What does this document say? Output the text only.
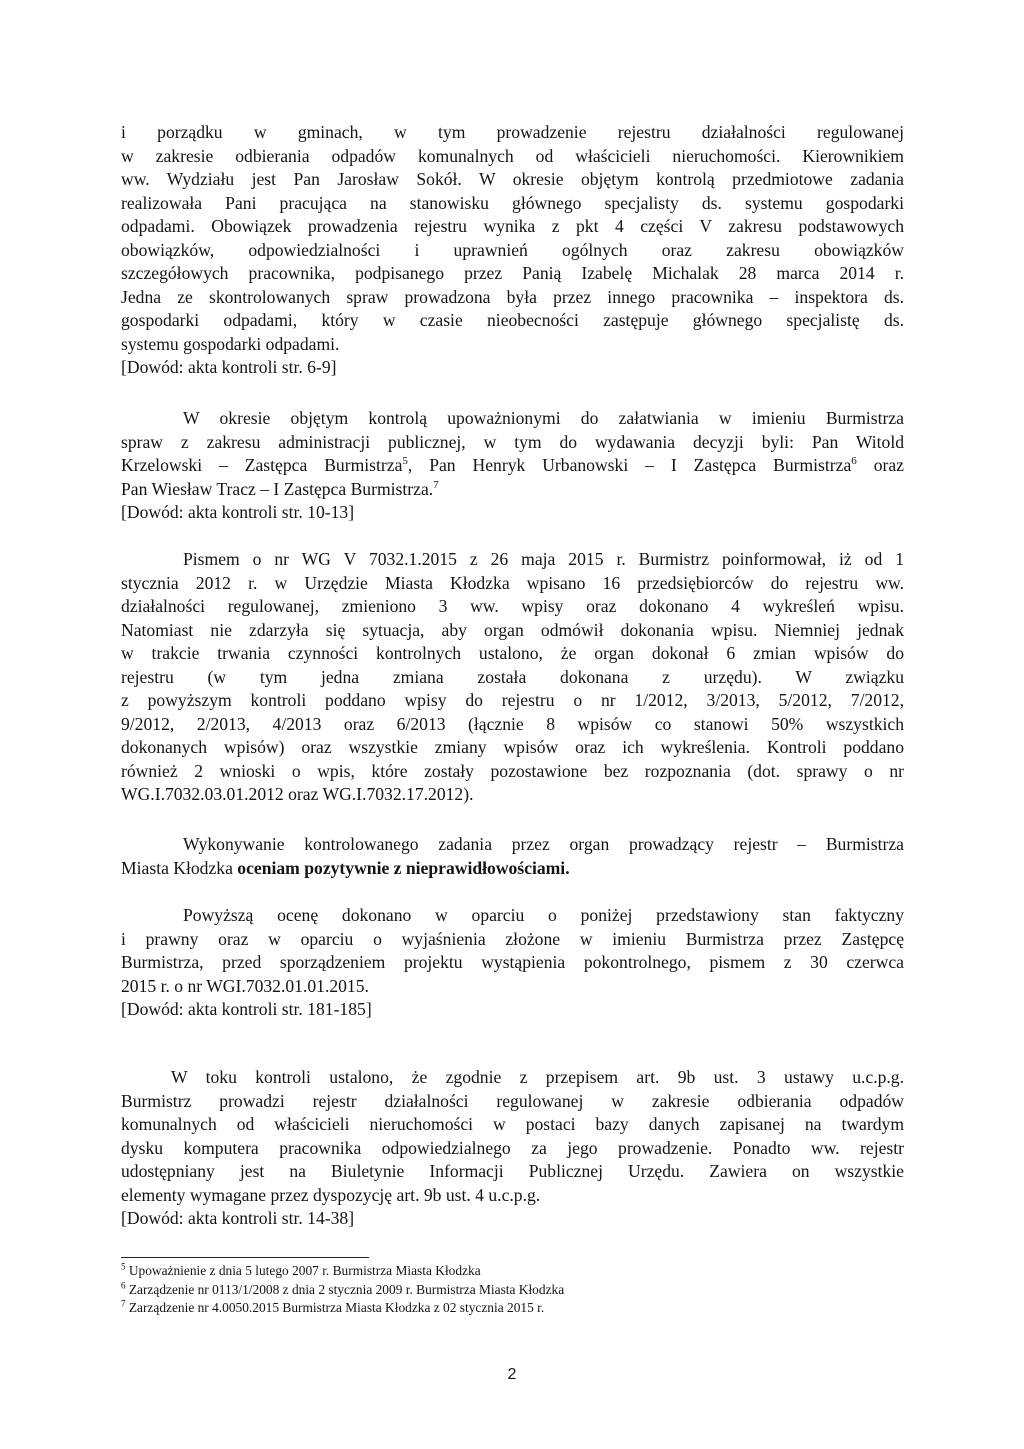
i porządku w gminach, w tym prowadzenie rejestru działalności regulowanej
w zakresie odbierania odpadów komunalnych od właścicieli nieruchomości. Kierownikiem
ww. Wydziału jest Pan Jarosław Sokół. W okresie objętym kontrolą przedmiotowe zadania
realizowała Pani pracująca na stanowisku głównego specjalisty ds. systemu gospodarki
odpadami. Obowiązek prowadzenia rejestru wynika z pkt 4 części V zakresu podstawowych
obowiązków, odpowiedzialności i uprawnień ogólnych oraz zakresu obowiązków
szczegółowych pracownika, podpisanego przez Panią Izabelę Michalak 28 marca 2014 r.
Jedna ze skontrolowanych spraw prowadzona była przez innego pracownika – inspektora ds.
gospodarki odpadami, który w czasie nieobecności zastępuje głównego specjalistę ds.
systemu gospodarki odpadami.
[Dowód: akta kontroli str. 6-9]
W okresie objętym kontrolą upoważnionymi do załatwiania w imieniu Burmistrza
spraw z zakresu administracji publicznej, w tym do wydawania decyzji byli: Pan Witold
Krzelowski – Zastępca Burmistrza$^5$, Pan Henryk Urbanowski – I Zastępca Burmistrza$^6$ oraz
Pan Wiesław Tracz – I Zastępca Burmistrza.$^7$
[Dowód: akta kontroli str. 10-13]
Pismem o nr WG V 7032.1.2015 z 26 maja 2015 r. Burmistrz poinformował, iż od 1
stycznia 2012 r. w Urzędzie Miasta Kłodzka wpisano 16 przedsiębiorców do rejestru ww.
działalności regulowanej, zmieniono 3 ww. wpisy oraz dokonano 4 wykreśleń wpisu.
Natomiast nie zdarzyła się sytuacja, aby organ odmówił dokonania wpisu. Niemniej jednak
w trakcie trwania czynności kontrolnych ustalono, że organ dokonał 6 zmian wpisów do
rejestru (w tym jedna zmiana została dokonana z urzędu). W związku
z powyższym kontroli poddano wpisy do rejestru o nr 1/2012, 3/2013, 5/2012, 7/2012,
9/2012, 2/2013, 4/2013 oraz 6/2013 (łącznie 8 wpisów co stanowi 50% wszystkich
dokonanych wpisów) oraz wszystkie zmiany wpisów oraz ich wykreślenia. Kontroli poddano
również 2 wnioski o wpis, które zostały pozostawione bez rozpoznania (dot. sprawy o nr
WG.I.7032.03.01.2012 oraz WG.I.7032.17.2012).
Wykonywanie kontrolowanego zadania przez organ prowadzący rejestr – Burmistrza
Miasta Kłodzka oceniam pozytywnie z nieprawidłowościami.
Powyższą ocenę dokonano w oparciu o poniżej przedstawiony stan faktyczny
i prawny oraz w oparciu o wyjaśnienia złożone w imieniu Burmistrza przez Zastępcę
Burmistrza, przed sporządzeniem projektu wystąpienia pokontrolnego, pismem z 30 czerwca
2015 r. o nr WGI.7032.01.01.2015.
[Dowód: akta kontroli str. 181-185]
W toku kontroli ustalono, że zgodnie z przepisem art. 9b ust. 3 ustawy u.c.p.g.
Burmistrz prowadzi rejestr działalności regulowanej w zakresie odbierania odpadów
komunalnych od właścicieli nieruchomości w postaci bazy danych zapisanej na twardym
dysku komputera pracownika odpowiedzialnego za jego prowadzenie. Ponadto ww. rejestr
udostępniany jest na Biuletynie Informacji Publicznej Urzędu. Zawiera on wszystkie
elementy wymagane przez dyspozycję art. 9b ust. 4 u.c.p.g.
[Dowód: akta kontroli str. 14-38]
$^5$ Upoważnienie z dnia 5 lutego 2007 r. Burmistrza Miasta Kłodzka
$^6$ Zarządzenie nr 0113/1/2008 z dnia 2 stycznia 2009 r. Burmistrza Miasta Kłodzka
$^7$ Zarządzenie nr 4.0050.2015 Burmistrza Miasta Kłodzka z 02 stycznia 2015 r.
2
